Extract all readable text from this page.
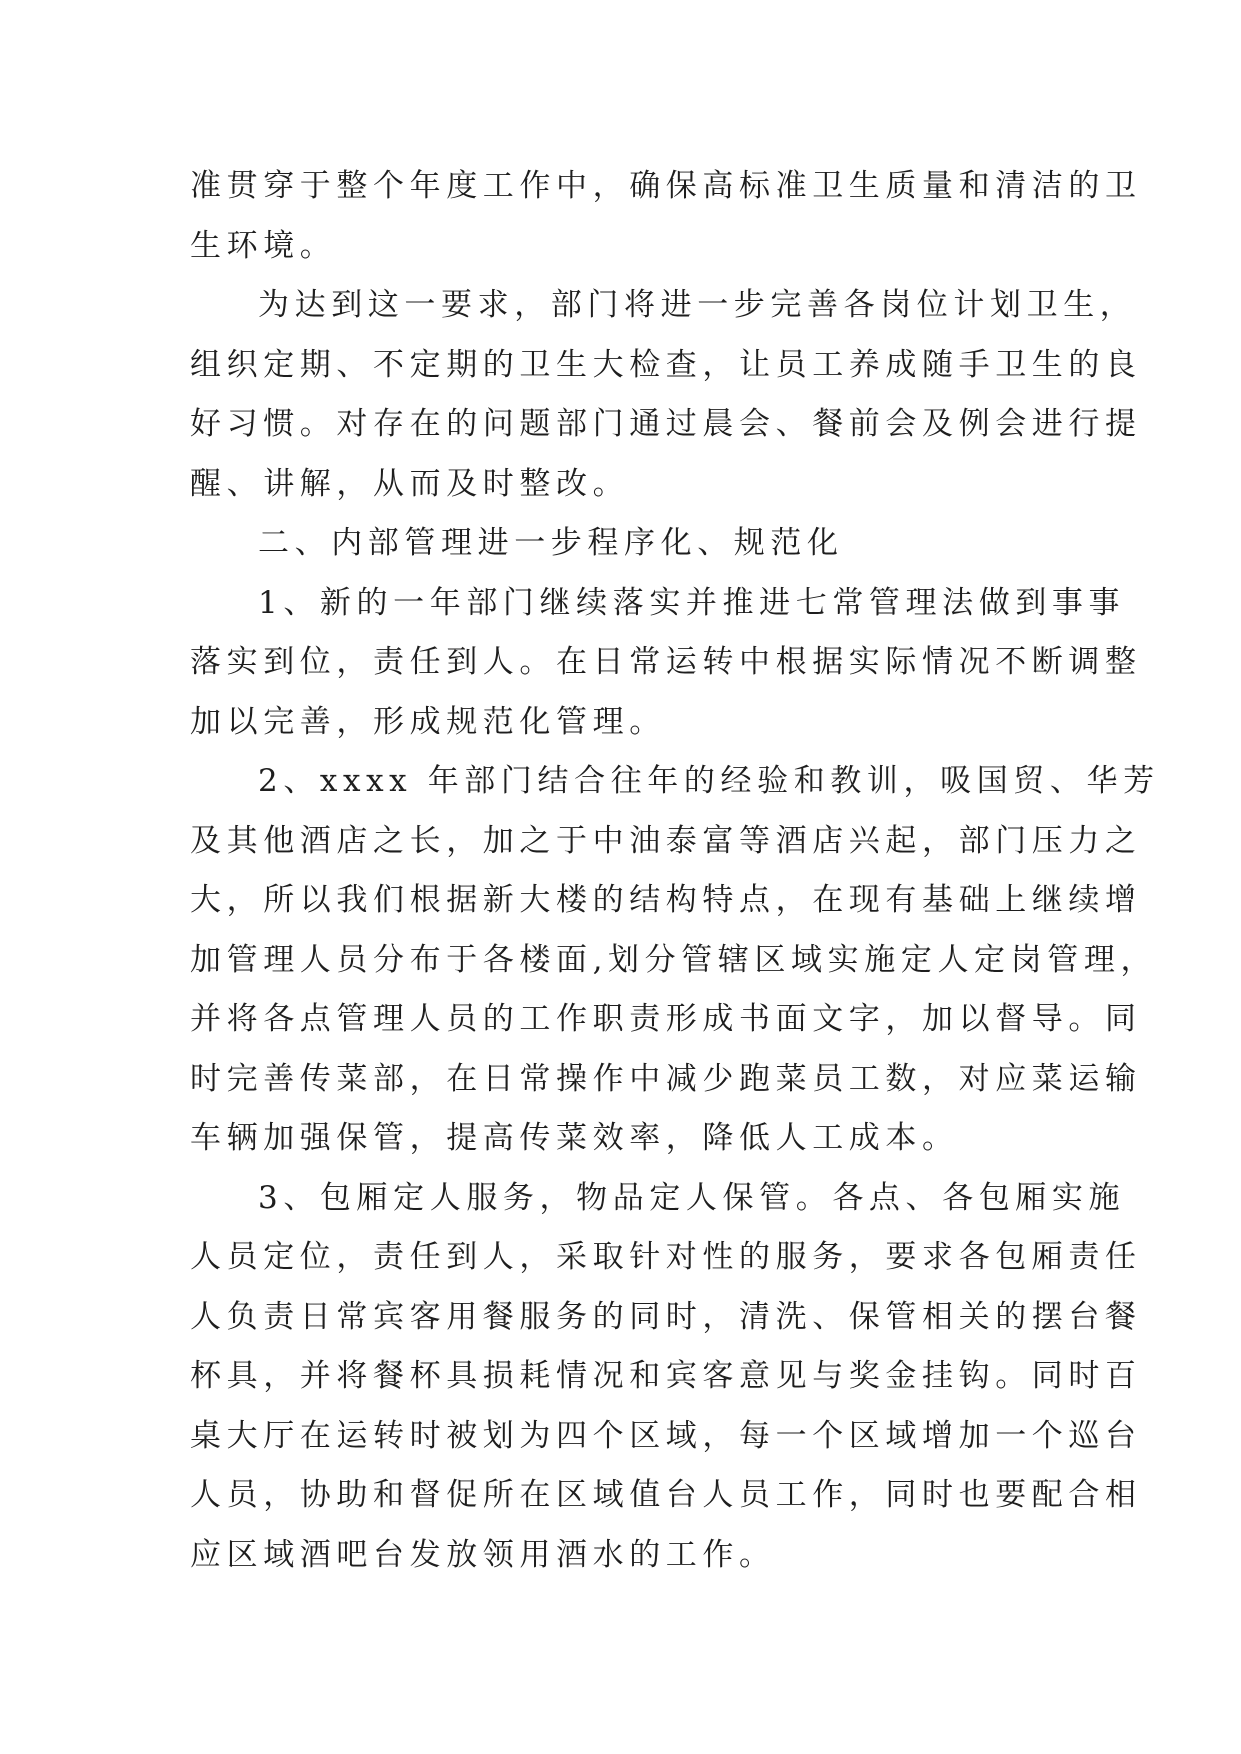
准贯穿于整个年度工作中，确保高标准卫生质量和清洁的卫
生环境。
为达到这一要求，部门将进一步完善各岗位计划卫生，
组织定期、不定期的卫生大检查，让员工养成随手卫生的良
好习惯。对存在的问题部门通过晨会、餐前会及例会进行提
醒、讲解，从而及时整改。
二、内部管理进一步程序化、规范化
1、新的一年部门继续落实并推进七常管理法做到事事
落实到位，责任到人。在日常运转中根据实际情况不断调整
加以完善，形成规范化管理。
2、xxxx 年部门结合往年的经验和教训，吸国贸、华芳
及其他酒店之长，加之于中油泰富等酒店兴起，部门压力之
大，所以我们根据新大楼的结构特点，在现有基础上继续增
加管理人员分布于各楼面,划分管辖区域实施定人定岗管理，
并将各点管理人员的工作职责形成书面文字，加以督导。同
时完善传菜部，在日常操作中减少跑菜员工数，对应菜运输
车辆加强保管，提高传菜效率，降低人工成本。
3、包厢定人服务，物品定人保管。各点、各包厢实施
人员定位，责任到人，采取针对性的服务，要求各包厢责任
人负责日常宾客用餐服务的同时，清洗、保管相关的摆台餐
杯具，并将餐杯具损耗情况和宾客意见与奖金挂钩。同时百
桌大厅在运转时被划为四个区域，每一个区域增加一个巡台
人员，协助和督促所在区域值台人员工作，同时也要配合相
应区域酒吧台发放领用酒水的工作。
